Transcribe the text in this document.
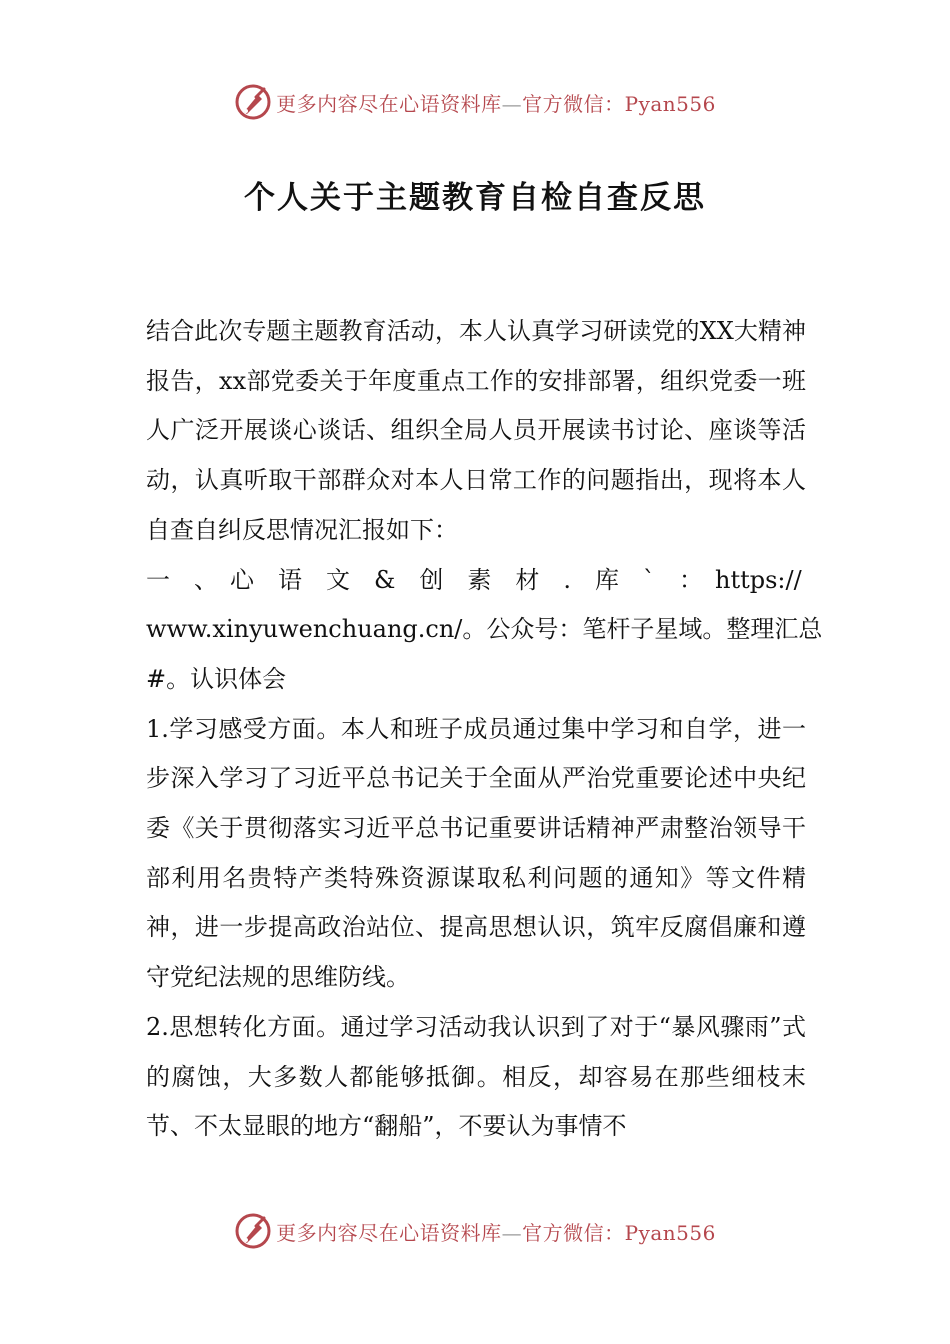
更多内容尽在心语资料库—官方微信：Pyan556
个人关于主题教育自检自查反思

结合此次专题主题教育活动，本人认真学习研读党的XX大精神报告，xx部党委关于年度重点工作的安排部署，组织党委一班人广泛开展谈心谈话、组织全局人员开展读书讨论、座谈等活动，认真听取干部群众对本人日常工作的问题指出，现将本人自查自纠反思情况汇报如下：

一　、　心　语　文　&　创　素　材　.　库　`　：　https://

www.xinyuwenchuang.cn/。公众号：笔杆子星域。整理汇总

#。认识体会

1.学习感受方面。本人和班子成员通过集中学习和自学，进一步深入学习了习近平总书记关于全面从严治党重要论述中央纪委《关于贯彻落实习近平总书记重要讲话精神严肃整治领导干部利用名贵特产类特殊资源谋取私利问题的通知》等文件精神，进一步提高政治站位、提高思想认识，筑牢反腐倡廉和遵守党纪法规的思维防线。

2.思想转化方面。通过学习活动我认识到了对于“暴风骤雨”式的腐蚀，大多数人都能够抵御。相反，却容易在那些细枝末节、不太显眼的地方“翻船”，不要认为事情不

更多内容尽在心语资料库—官方微信：Pyan556
